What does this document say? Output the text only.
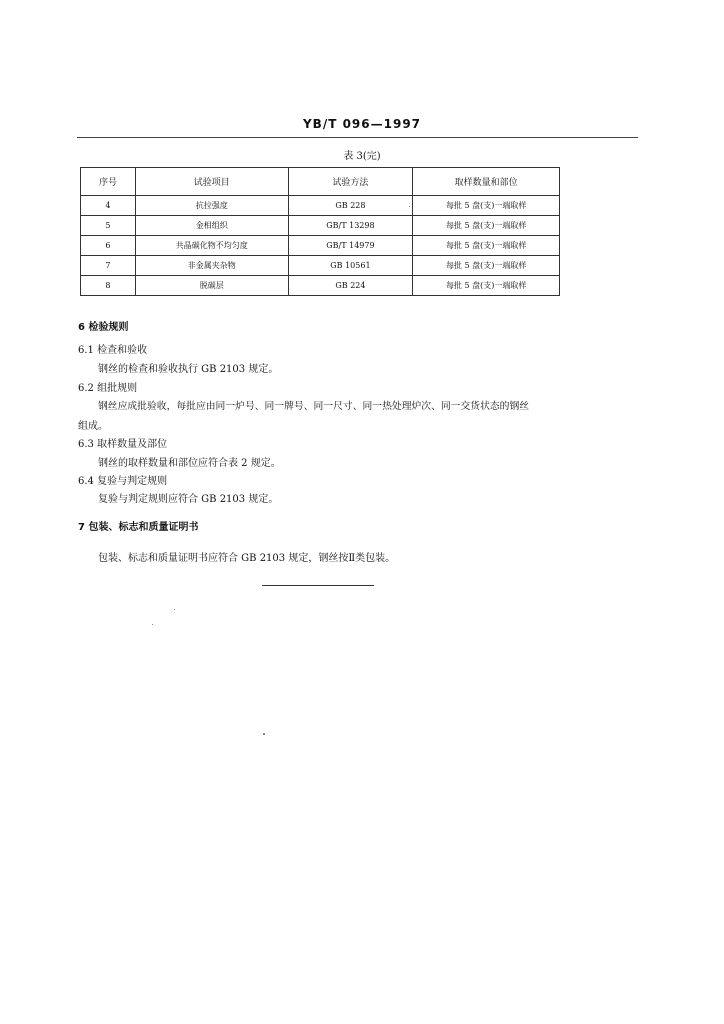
YB/T 096—1997
表 3(完)
序号	试验项目	试验方法	取样数量和部位
4	抗拉强度	GB 228	每批 5 盘(支)一端取样
5	金相组织	GB/T 13298	每批 5 盘(支)一端取样
6	共晶碳化物不均匀度	GB/T 14979	每批 5 盘(支)一端取样
7	非金属夹杂物	GB 10561	每批 5 盘(支)一端取样
8	脱碳层	GB 224	每批 5 盘(支)一端取样
6 检验规则
6.1 检查和验收
钢丝的检查和验收执行 GB 2103 规定。
6.2 组批规则
钢丝应成批验收，每批应由同一炉号、同一牌号、同一尺寸、同一热处理炉次、同一交货状态的钢丝
组成。
6.3 取样数量及部位
钢丝的取样数量和部位应符合表 2 规定。
6.4 复验与判定规则
复验与判定规则应符合 GB 2103 规定。
7 包装、标志和质量证明书
包装、标志和质量证明书应符合 GB 2103 规定，钢丝按Ⅱ类包装。
